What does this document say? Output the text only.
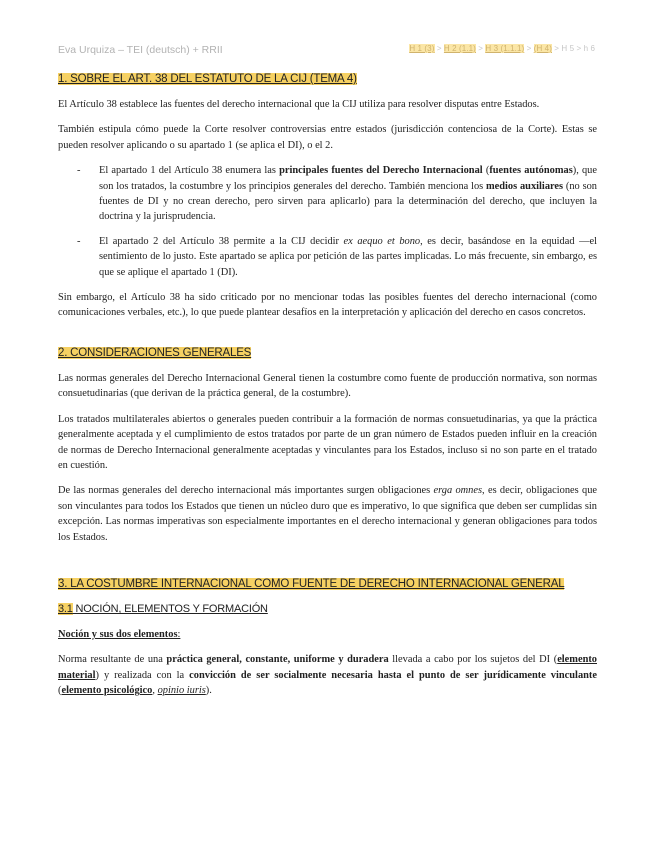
Eva Urquiza – TEI (deutsch) + RRII	H 1 (3) > H 2 (1.1) > H 3 (1.1.1) > (H 4) > H 5 > h 6
1. SOBRE EL ART. 38 DEL ESTATUTO DE LA CIJ (TEMA 4)

El Artículo 38 establece las fuentes del derecho internacional que la CIJ utiliza para resolver disputas entre Estados.

También estipula cómo puede la Corte resolver controversias entre estados (jurisdicción contenciosa de la Corte). Estas se pueden resolver aplicando o su apartado 1 (se aplica el DI), o el 2.

- El apartado 1 del Artículo 38 enumera las principales fuentes del Derecho Internacional (fuentes autónomas), que son los tratados, la costumbre y los principios generales del derecho. También menciona los medios auxiliares (no son fuentes de DI y no crean derecho, pero sirven para aplicarlo) para la determinación del derecho, que incluyen la doctrina y la jurisprudencia.
- El apartado 2 del Artículo 38 permite a la CIJ decidir ex aequo et bono, es decir, basándose en la equidad —el sentimiento de lo justo. Este apartado se aplica por petición de las partes implicadas. Lo más frecuente, sin embargo, es que se aplique el apartado 1 (DI).

Sin embargo, el Artículo 38 ha sido criticado por no mencionar todas las posibles fuentes del derecho internacional (como comunicaciones verbales, etc.), lo que puede plantear desafíos en la interpretación y aplicación del derecho en casos concretos.

2. CONSIDERACIONES GENERALES

Las normas generales del Derecho Internacional General tienen la costumbre como fuente de producción normativa, son normas consuetudinarias (que derivan de la práctica general, de la costumbre).

Los tratados multilaterales abiertos o generales pueden contribuir a la formación de normas consuetudinarias, ya que la práctica generalmente aceptada y el cumplimiento de estos tratados por parte de un gran número de Estados pueden influir en la creación de normas de Derecho Internacional generalmente aceptadas y vinculantes para los Estados, incluso si no son parte en el tratado en cuestión.

De las normas generales del derecho internacional más importantes surgen obligaciones erga omnes, es decir, obligaciones que son vinculantes para todos los Estados que tienen un núcleo duro que es imperativo, lo que significa que deben ser cumplidas sin excepción. Las normas imperativas son especialmente importantes en el derecho internacional y generan obligaciones para todos los Estados.

3. LA COSTUMBRE INTERNACIONAL COMO FUENTE DE DERECHO INTERNACIONAL GENERAL
3.1 NOCIÓN, ELEMENTOS Y FORMACIÓN
Noción y sus dos elementos:

Norma resultante de una práctica general, constante, uniforme y duradera llevada a cabo por los sujetos del DI (elemento material) y realizada con la convicción de ser socialmente necesaria hasta el punto de ser jurídicamente vinculante (elemento psicológico, opinio iuris).
